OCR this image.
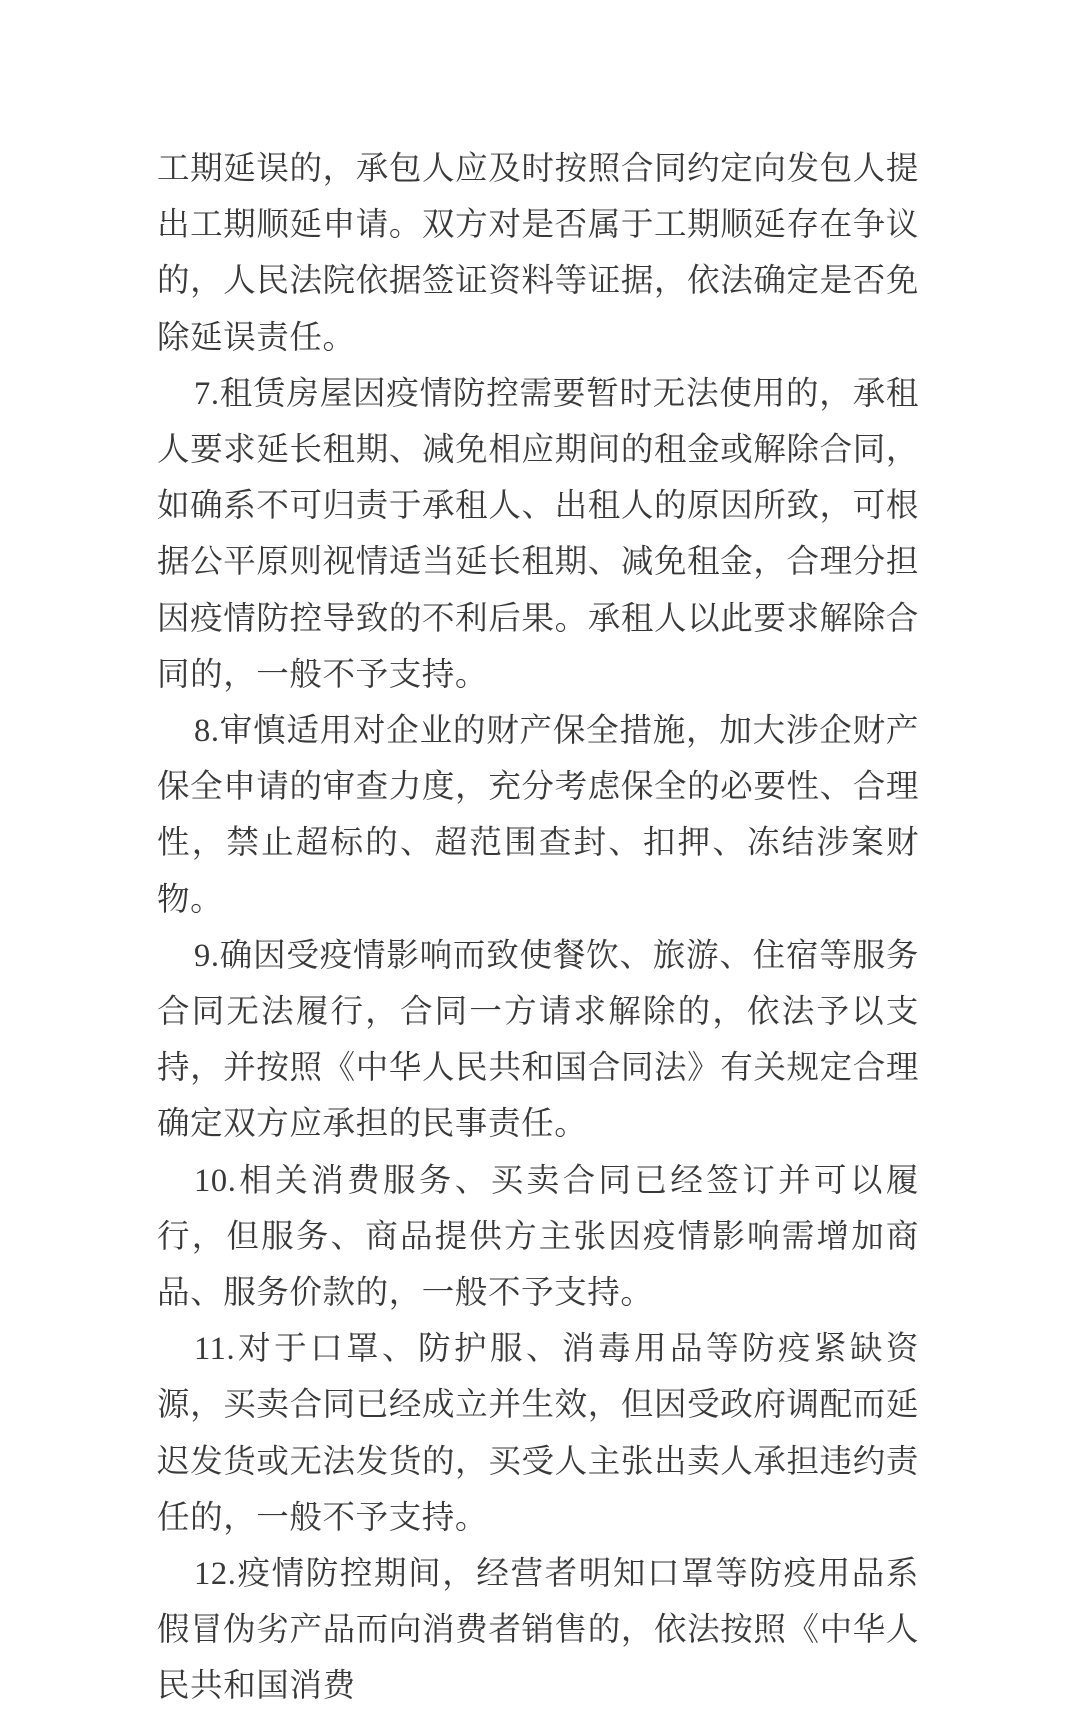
工期延误的，承包人应及时按照合同约定向发包人提出工期顺延申请。双方对是否属于工期顺延存在争议的，人民法院依据签证资料等证据，依法确定是否免除延误责任。

7.租赁房屋因疫情防控需要暂时无法使用的，承租人要求延长租期、减免相应期间的租金或解除合同，如确系不可归责于承租人、出租人的原因所致，可根据公平原则视情适当延长租期、减免租金，合理分担因疫情防控导致的不利后果。承租人以此要求解除合同的，一般不予支持。

8.审慎适用对企业的财产保全措施，加大涉企财产保全申请的审查力度，充分考虑保全的必要性、合理性，禁止超标的、超范围查封、扣押、冻结涉案财物。

9.确因受疫情影响而致使餐饮、旅游、住宿等服务合同无法履行，合同一方请求解除的，依法予以支持，并按照《中华人民共和国合同法》有关规定合理确定双方应承担的民事责任。

10.相关消费服务、买卖合同已经签订并可以履行，但服务、商品提供方主张因疫情影响需增加商品、服务价款的，一般不予支持。

11.对于口罩、防护服、消毒用品等防疫紧缺资源，买卖合同已经成立并生效，但因受政府调配而延迟发货或无法发货的，买受人主张出卖人承担违约责任的，一般不予支持。

12.疫情防控期间，经营者明知口罩等防疫用品系假冒伪劣产品而向消费者销售的，依法按照《中华人民共和国消费
